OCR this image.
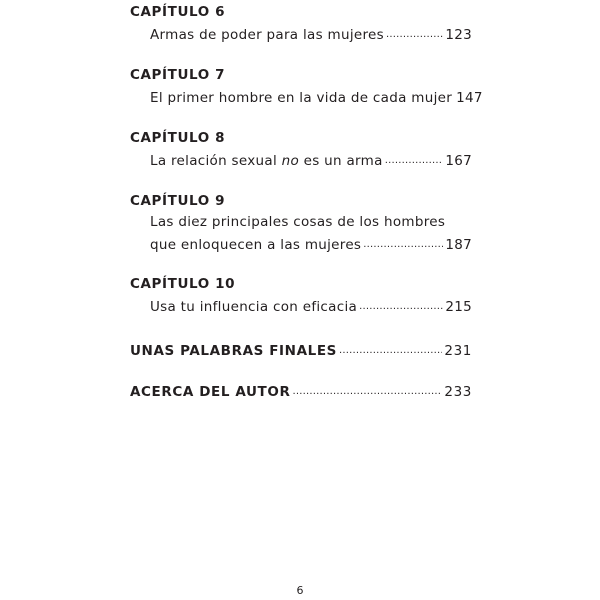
CAPÍTULO 6
Armas de poder para las mujeres .....	123
CAPÍTULO 7
El primer hombre en la vida de cada mujer 147
CAPÍTULO 8
La relación sexual no es un arma .....	167
CAPÍTULO 9
Las diez principales cosas de los hombres
que enloquecen a las mujeres .....	187
CAPÍTULO 10
Usa tu influencia con eficacia .....	215
UNAS PALABRAS FINALES .....	231
ACERCA DEL AUTOR .....	233
6
